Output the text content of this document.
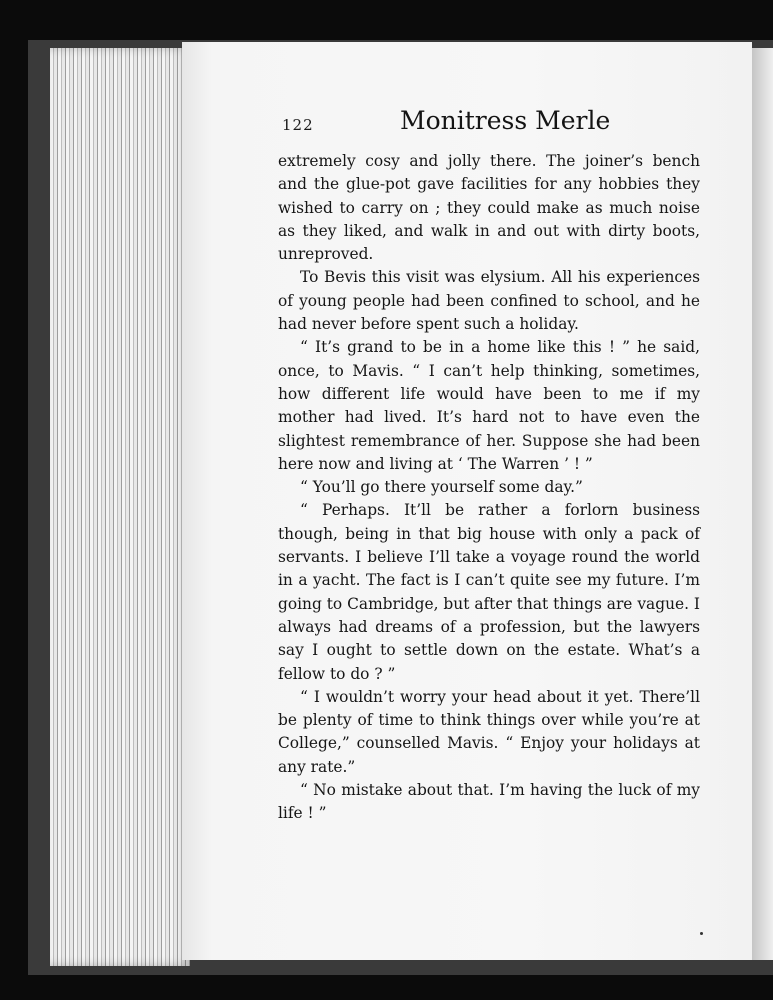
122	Monitress Merle

extremely cosy and jolly there. The joiner’s bench and the glue-pot gave facilities for any hobbies they wished to carry on ; they could make as much noise as they liked, and walk in and out with dirty boots, unreproved.

To Bevis this visit was elysium. All his experiences of young people had been confined to school, and he had never before spent such a holiday.

“ It’s grand to be in a home like this ! ” he said, once, to Mavis. “ I can’t help thinking, sometimes, how different life would have been to me if my mother had lived. It’s hard not to have even the slightest remembrance of her. Suppose she had been here now and living at ‘ The Warren ’ ! ”

“ You’ll go there yourself some day.”

“ Perhaps. It’ll be rather a forlorn business though, being in that big house with only a pack of servants. I believe I’ll take a voyage round the world in a yacht. The fact is I can’t quite see my future. I’m going to Cambridge, but after that things are vague. I always had dreams of a profession, but the lawyers say I ought to settle down on the estate. What’s a fellow to do ? ”

“ I wouldn’t worry your head about it yet. There’ll be plenty of time to think things over while you’re at College,” counselled Mavis. “ Enjoy your holidays at any rate.”

“ No mistake about that. I’m having the luck of my life ! ”
